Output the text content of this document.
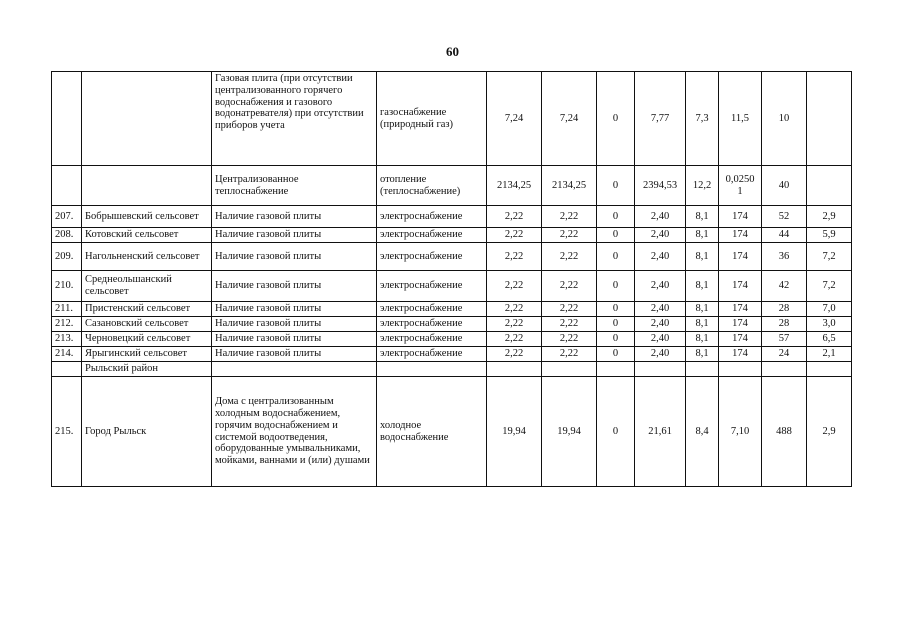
60
		Газовая плита (при отсутствии централизованного горячего водоснабжения и газового водонатревателя) при отсутствии приборов учета	газоснабжение (природный газ)	7,24	7,24	0	7,77	7,3	11,5	10	
		Централизованное теплоснабжение	отопление (теплоснабжение)	2134,25	2134,25	0	2394,53	12,2	0,0250 1	40	
207.	Бобрышевский сельсовет	Наличие газовой плиты	электроснабжение	2,22	2,22	0	2,40	8,1	174	52	2,9
208.	Котовский сельсовет	Наличие газовой плиты	электроснабжение	2,22	2,22	0	2,40	8,1	174	44	5,9
209.	Нагольненский сельсовет	Наличие газовой плиты	электроснабжение	2,22	2,22	0	2,40	8,1	174	36	7,2
210.	Среднеольшанский сельсовет	Наличие газовой плиты	электроснабжение	2,22	2,22	0	2,40	8,1	174	42	7,2
211.	Пристенский сельсовет	Наличие газовой плиты	электроснабжение	2,22	2,22	0	2,40	8,1	174	28	7,0
212.	Сазановский сельсовет	Наличие газовой плиты	электроснабжение	2,22	2,22	0	2,40	8,1	174	28	3,0
213.	Черновецкий сельсовет	Наличие газовой плиты	электроснабжение	2,22	2,22	0	2,40	8,1	174	57	6,5
214.	Ярыгинский сельсовет	Наличие газовой плиты	электроснабжение	2,22	2,22	0	2,40	8,1	174	24	2,1
	Рыльский район										
215.	Город Рыльск	Дома с централизованным холодным водоснабжением, горячим водоснабжением и системой водоотведения, оборудованные умывальниками, мойками, ваннами и (или) душами	холодное водоснабжение	19,94	19,94	0	21,61	8,4	7,10	488	2,9
